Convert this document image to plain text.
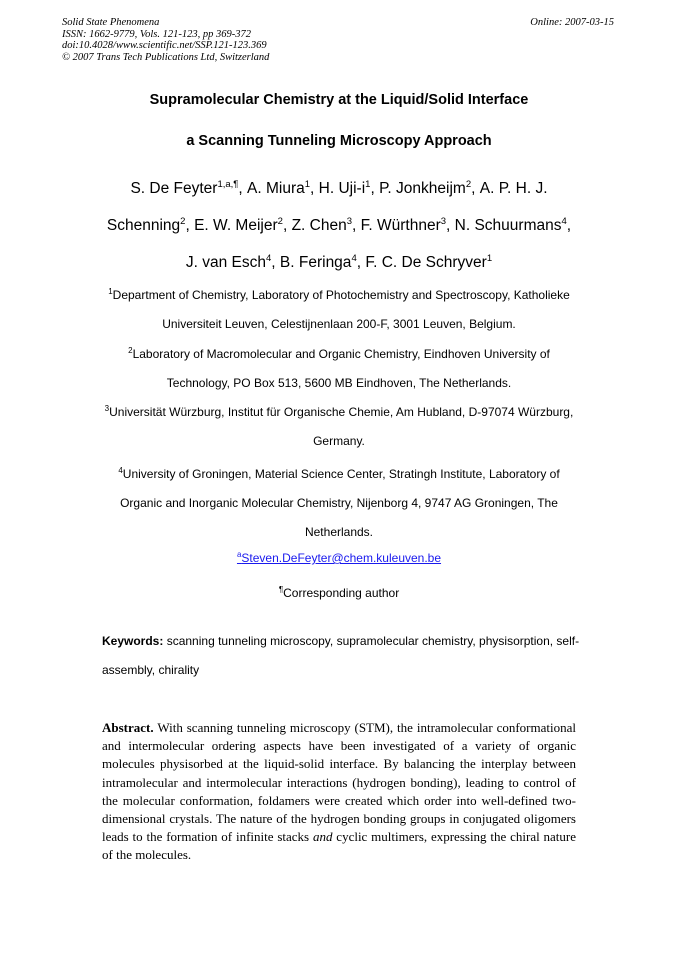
Solid State Phenomena
ISSN: 1662-9779, Vols. 121-123, pp 369-372
doi:10.4028/www.scientific.net/SSP.121-123.369
© 2007 Trans Tech Publications Ltd, Switzerland
Online: 2007-03-15
Supramolecular Chemistry at the Liquid/Solid Interface
a Scanning Tunneling Microscopy Approach
S. De Feyter$^{1,a,\P}$, A. Miura$^1$, H. Uji-$i^1$, P. Jonkheijm$^2$, A. P. H. J. Schenning$^2$, E. W. Meijer$^2$, Z. Chen$^3$, F. Würthner$^3$, N. Schuurmans$^4$, J. van Esch$^4$, B. Feringa$^4$, F. C. De Schryver$^1$
$^1$Department of Chemistry, Laboratory of Photochemistry and Spectroscopy, Katholieke Universiteit Leuven, Celestijnenlaan 200-F, 3001 Leuven, Belgium.
$^2$Laboratory of Macromolecular and Organic Chemistry, Eindhoven University of Technology, PO Box 513, 5600 MB Eindhoven, The Netherlands.
$^3$Universität Würzburg, Institut für Organische Chemie, Am Hubland, D-97074 Würzburg, Germany.
$^4$University of Groningen, Material Science Center, Stratingh Institute, Laboratory of Organic and Inorganic Molecular Chemistry, Nijenborg 4, 9747 AG Groningen, The Netherlands.
$^a$Steven.DeFeyter@chem.kuleuven.be
¶Corresponding author
Keywords: scanning tunneling microscopy, supramolecular chemistry, physisorption, self-assembly, chirality
Abstract. With scanning tunneling microscopy (STM), the intramolecular conformational and intermolecular ordering aspects have been investigated of a variety of organic molecules physisorbed at the liquid-solid interface. By balancing the interplay between intramolecular and intermolecular interactions (hydrogen bonding), leading to control of the molecular conformation, foldamers were created which order into well-defined two-dimensional crystals. The nature of the hydrogen bonding groups in conjugated oligomers leads to the formation of infinite stacks and cyclic multimers, expressing the chiral nature of the molecules.
